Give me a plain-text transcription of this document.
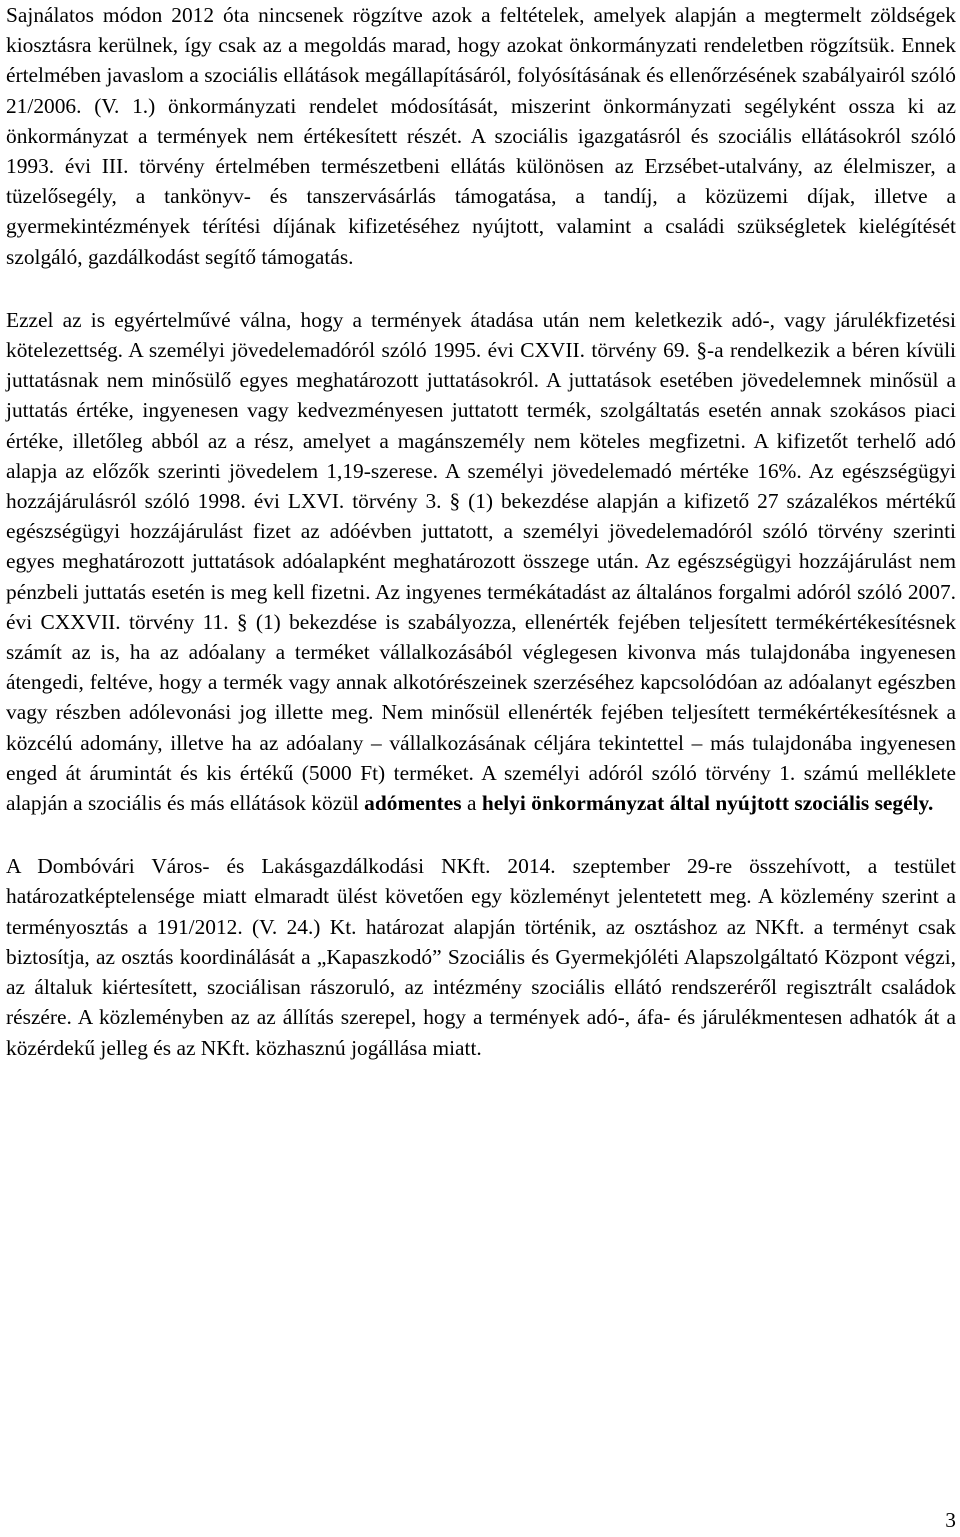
Sajnálatos módon 2012 óta nincsenek rögzítve azok a feltételek, amelyek alapján a megtermelt zöldségek kiosztásra kerülnek, így csak az a megoldás marad, hogy azokat önkormányzati rendeletben rögzítsük. Ennek értelmében javaslom a szociális ellátások megállapításáról, folyósításának és ellenőrzésének szabályairól szóló 21/2006. (V. 1.) önkormányzati rendelet módosítását, miszerint önkormányzati segélyként ossza ki az önkormányzat a termények nem értékesített részét. A szociális igazgatásról és szociális ellátásokról szóló 1993. évi III. törvény értelmében természetbeni ellátás különösen az Erzsébet-utalvány, az élelmiszer, a tüzelősegély, a tankönyv- és tanszervásárlás támogatása, a tandíj, a közüzemi díjak, illetve a gyermekintézmények térítési díjának kifizetéséhez nyújtott, valamint a családi szükségletek kielégítését szolgáló, gazdálkodást segítő támogatás.

Ezzel az is egyértelművé válna, hogy a termények átadása után nem keletkezik adó-, vagy járulékfizetési kötelezettség. A személyi jövedelemadóról szóló 1995. évi CXVII. törvény 69. §-a rendelkezik a béren kívüli juttatásnak nem minősülő egyes meghatározott juttatásokról. A juttatások esetében jövedelemnek minősül a juttatás értéke, ingyenesen vagy kedvezményesen juttatott termék, szolgáltatás esetén annak szokásos piaci értéke, illetőleg abból az a rész, amelyet a magánszemély nem köteles megfizetni. A kifizetőt terhelő adó alapja az előzők szerinti jövedelem 1,19-szerese. A személyi jövedelemadó mértéke 16%. Az egészségügyi hozzájárulásról szóló 1998. évi LXVI. törvény 3. § (1) bekezdése alapján a kifizető 27 százalékos mértékű egészségügyi hozzájárulást fizet az adóévben juttatott, a személyi jövedelemadóról szóló törvény szerinti egyes meghatározott juttatások adóalapként meghatározott összege után. Az egészségügyi hozzájárulást nem pénzbeli juttatás esetén is meg kell fizetni. Az ingyenes termékátadást az általános forgalmi adóról szóló 2007. évi CXXVII. törvény 11. § (1) bekezdése is szabályozza, ellenérték fejében teljesített termékértékesítésnek számít az is, ha az adóalany a terméket vállalkozásából véglegesen kivonva más tulajdonába ingyenesen átengedi, feltéve, hogy a termék vagy annak alkotórészeinek szerzéséhez kapcsolódóan az adóalanyt egészben vagy részben adólevonási jog illette meg. Nem minősül ellenérték fejében teljesített termékértékesítésnek a közcélú adomány, illetve ha az adóalany – vállalkozásának céljára tekintettel – más tulajdonába ingyenesen enged át árumintát és kis értékű (5000 Ft) terméket. A személyi adóról szóló törvény 1. számú melléklete alapján a szociális és más ellátások közül adómentes a helyi önkormányzat által nyújtott szociális segély.

A Dombóvári Város- és Lakásgazdálkodási NKft. 2014. szeptember 29-re összehívott, a testület határozatképtelensége miatt elmaradt ülést követően egy közleményt jelentetett meg. A közlemény szerint a terményosztás a 191/2012. (V. 24.) Kt. határozat alapján történik, az osztáshoz az NKft. a terményt csak biztosítja, az osztás koordinálását a „Kapaszkodó” Szociális és Gyermekjóléti Alapszolgáltató Központ végzi, az általuk kiértesített, szociálisan rászoruló, az intézmény szociális ellátó rendszeréről regisztrált családok részére. A közleményben az az állítás szerepel, hogy a termények adó-, áfa- és járulékmentesen adhatók át a közérdekű jelleg és az NKft. közhasznú jogállása miatt.

3
